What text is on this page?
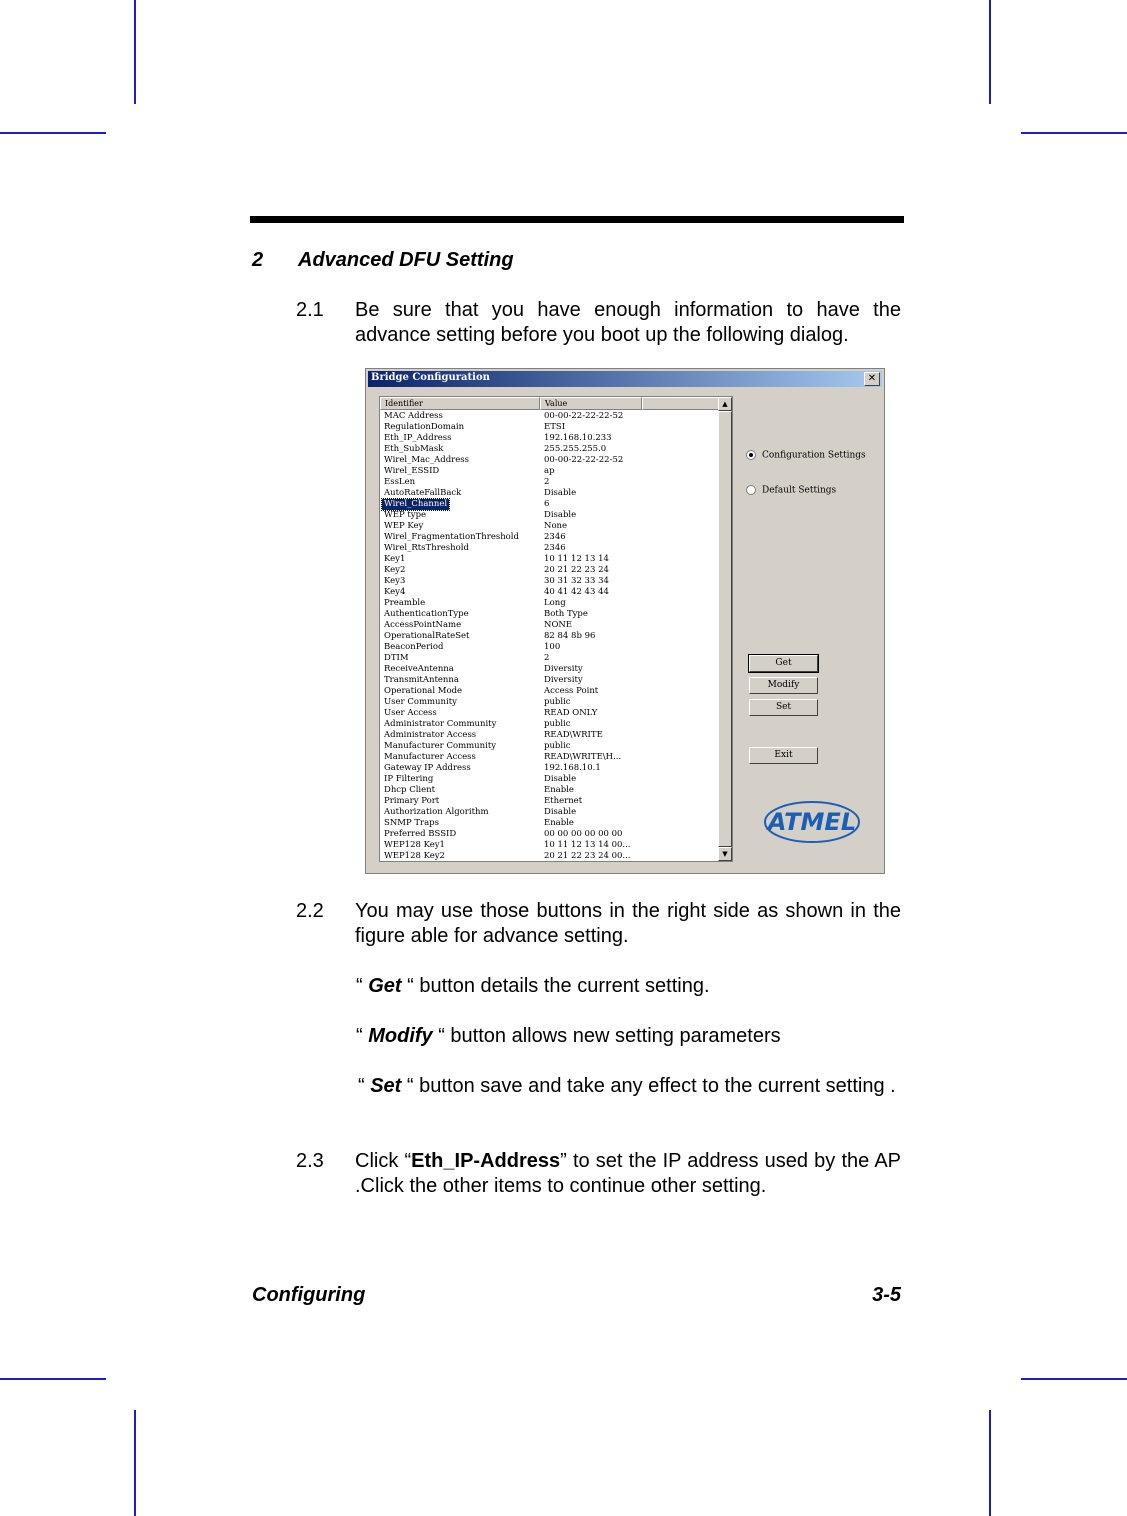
2 Advanced DFU Setting
2.1 Be sure that you have enough information to have the advance setting before you boot up the following dialog.
Bridge Configuration	✕
Identifier	Value
MAC Address	00-00-22-22-22-52
RegulationDomain	ETSI
Eth_IP_Address	192.168.10.233
Eth_SubMask	255.255.255.0
Wirel_Mac_Address	00-00-22-22-22-52
Wirel_ESSID	ap
EssLen	2
AutoRateFallBack	Disable
Wirel_Channel	6
WEP type	Disable
WEP Key	None
Wirel_FragmentationThreshold	2346
Wirel_RtsThreshold	2346
Key1	10 11 12 13 14
Key2	20 21 22 23 24
Key3	30 31 32 33 34
Key4	40 41 42 43 44
Preamble	Long
AuthenticationType	Both Type
AccessPointName	NONE
OperationalRateSet	82 84 8b 96
BeaconPeriod	100
DTIM	2
ReceiveAntenna	Diversity
TransmitAntenna	Diversity
Operational Mode	Access Point
User Community	public
User Access	READ ONLY
Administrator Community	public
Administrator Access	READ\WRITE
Manufacturer Community	public
Manufacturer Access	READ\WRITE\H...
Gateway IP Address	192.168.10.1
IP Filtering	Disable
Dhcp Client	Enable
Primary Port	Ethernet
Authorization Algorithm	Disable
SNMP Traps	Enable
Preferred BSSID	00 00 00 00 00 00
WEP128 Key1	10 11 12 13 14 00...
WEP128 Key2	20 21 22 23 24 00...
▲
▼
Configuration Settings
Default Settings
Get
Modify
Set
Exit
ATMEL
2.2 You may use those buttons in the right side as shown in the figure able for advance setting.
“ Get “ button details the current setting.
“ Modify “ button allows new setting parameters
“ Set “ button save and take any effect to the current setting .
2.3 Click “Eth_IP-Address” to set the IP address used by the AP .Click the other items to continue other setting.
Configuring	3-5
